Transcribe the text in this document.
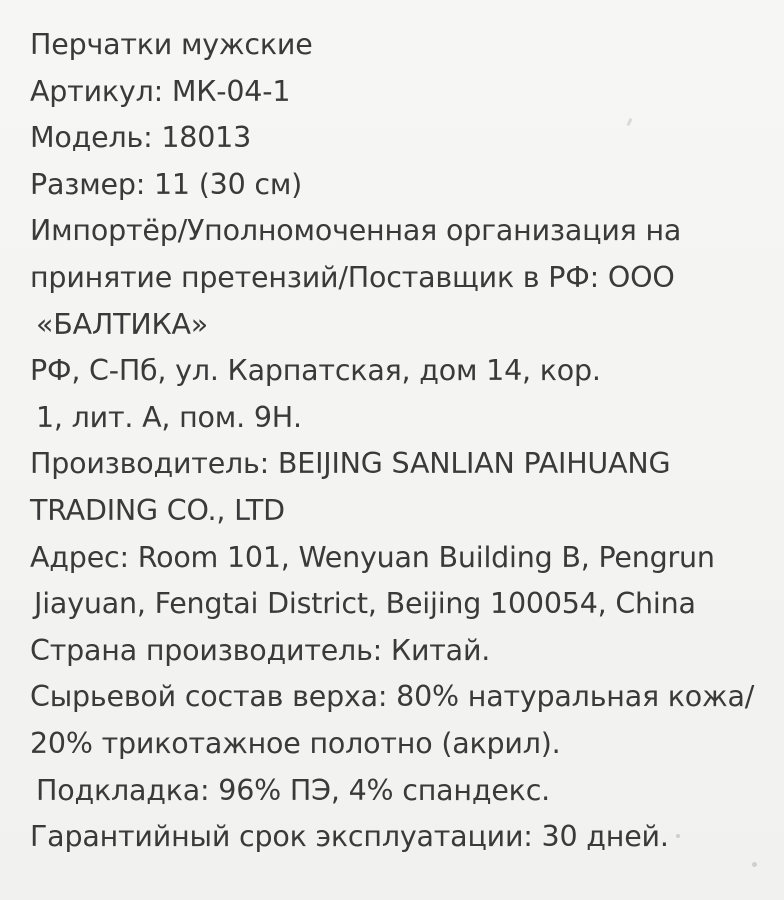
Перчатки мужские

Артикул: МК-04-1

Модель: 18013

Размер: 11 (30 см)

Импортёр/Уполномоченная организация на

принятие претензий/Поставщик в РФ: ООО

«БАЛТИКА»

РФ, С-Пб, ул. Карпатская, дом 14, кор.

1, лит. А, пом. 9Н.

Производитель: BEIJING SANLIAN PAIHUANG

TRADING CO., LTD

Адрес: Room 101, Wenyuan Building B, Pengrun

Jiayuan, Fengtai District, Beijing 100054, China

Страна производитель: Китай.

Сырьевой состав верха: 80% натуральная кожа/

20% трикотажное полотно (акрил).

Подкладка: 96% ПЭ, 4% спандекс.

Гарантийный срок эксплуатации: 30 дней.
